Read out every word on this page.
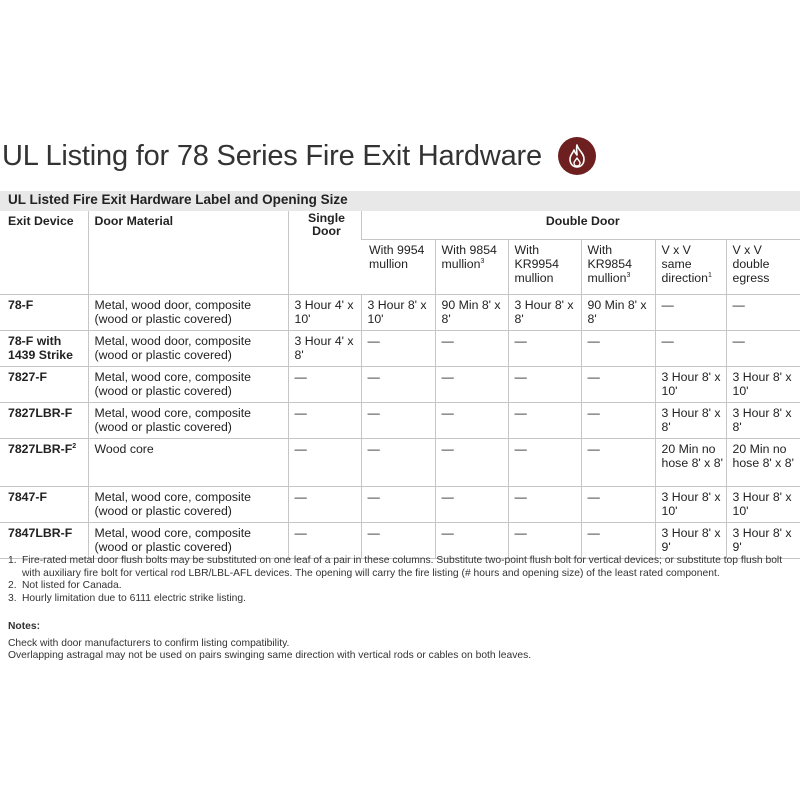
UL Listing for 78 Series Fire Exit Hardware
UL Listed Fire Exit Hardware Label and Opening Size
Exit Device	Door Material	Single Door	Double Door					
			With 9954 mullion	With 9854 mullion$^3$	With KR9954 mullion	With KR9854 mullion$^3$	V x V same direction$^1$	V x V double egress
78-F	Metal, wood door, composite (wood or plastic covered)	3 Hour 4' x 10'	3 Hour 8' x 10'	90 Min 8' x 8'	3 Hour 8' x 8'	90 Min 8' x 8'	—	—
78-F with 1439 Strike	Metal, wood door, composite (wood or plastic covered)	3 Hour 4' x 8'	—	—	—	—	—	—
7827-F	Metal, wood core, composite (wood or plastic covered)	—	—	—	—	—	3 Hour 8' x 10'	3 Hour 8' x 10'
7827LBR-F	Metal, wood core, composite (wood or plastic covered)	—	—	—	—	—	3 Hour 8' x 8'	3 Hour 8' x 8'
$7827LBR-F^2$	Wood core	—	—	—	—	—	20 Min no hose 8' x 8'	20 Min no hose 8' x 8'
7847-F	Metal, wood core, composite (wood or plastic covered)	—	—	—	—	—	3 Hour 8' x 10'	3 Hour 8' x 10'
7847LBR-F	Metal, wood core, composite (wood or plastic covered)	—	—	—	—	—	3 Hour 8' x 9'	3 Hour 8' x 9'
1. Fire-rated metal door flush bolts may be substituted on one leaf of a pair in these columns. Substitute two-point flush bolt for vertical devices; or substitute top flush bolt with auxiliary fire bolt for vertical rod LBR/LBL-AFL devices. The opening will carry the fire listing (# hours and opening size) of the least rated component.
2. Not listed for Canada.
3. Hourly limitation due to 6111 electric strike listing.
Notes:
Check with door manufacturers to confirm listing compatibility.
Overlapping astragal may not be used on pairs swinging same direction with vertical rods or cables on both leaves.
